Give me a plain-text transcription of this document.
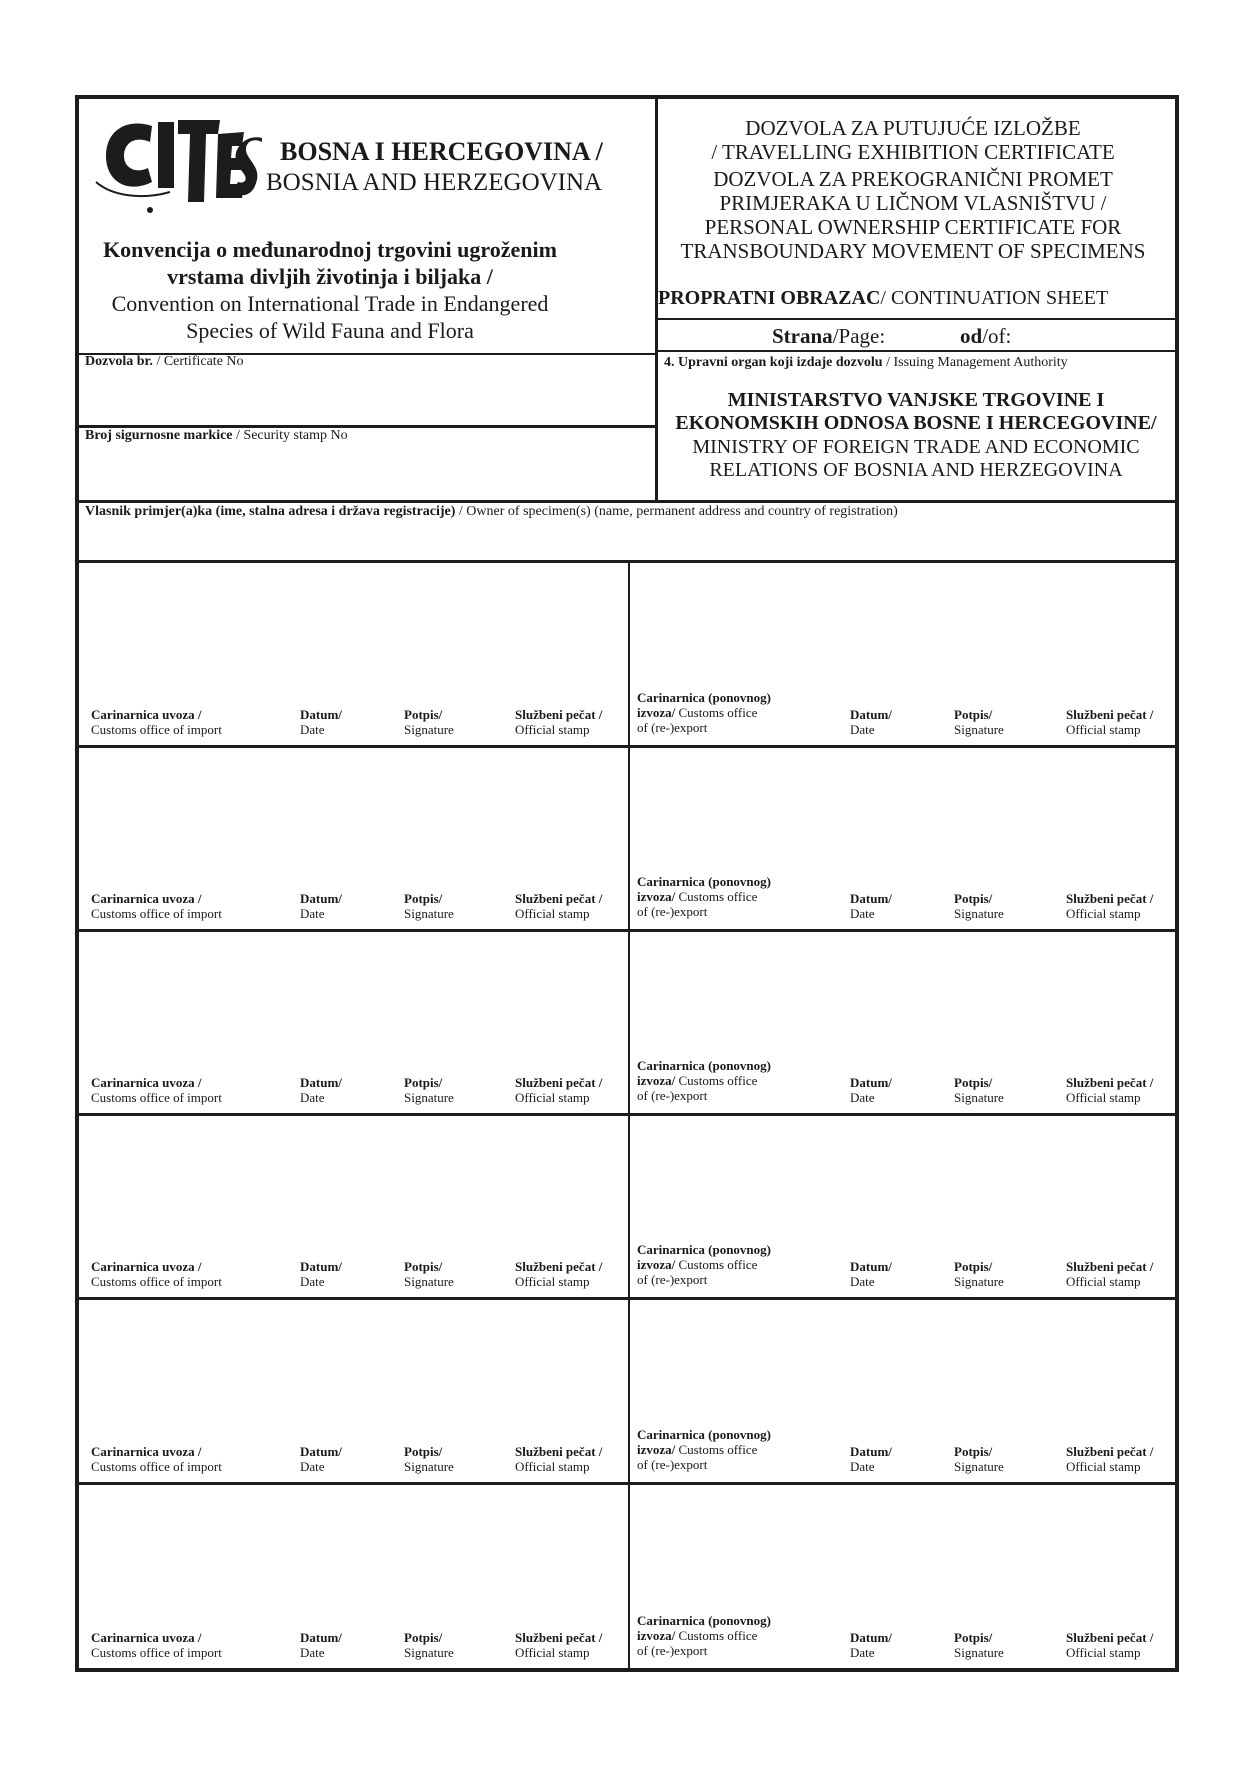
BOSNA I HERCEGOVINA /
BOSNIA AND HERZEGOVINA
Konvencija o međunarodnoj trgovini ugroženim
vrstama divljih životinja i biljaka /
Convention on International Trade in Endangered
Species of Wild Fauna and Flora
DOZVOLA ZA PUTUJUĆE IZLOŽBE
/ TRAVELLING EXHIBITION CERTIFICATE
DOZVOLA ZA PREKOGRANIČNI PROMET
PRIMJERAKA U LIČNOM VLASNIŠTVU /
PERSONAL OWNERSHIP CERTIFICATE FOR
TRANSBOUNDARY MOVEMENT OF SPECIMENS
PROPRATNI OBRAZAC/ CONTINUATION SHEET
Strana/Page:	od/of:
Dozvola br. / Certificate No
Broj sigurnosne markice / Security stamp No
4. Upravni organ koji izdaje dozvolu / Issuing Management Authority
MINISTARSTVO VANJSKE TRGOVINE I
EKONOMSKIH ODNOSA BOSNE I HERCEGOVINE/
MINISTRY OF FOREIGN TRADE AND ECONOMIC
RELATIONS OF BOSNIA AND HERZEGOVINA
Vlasnik primjer(a)ka (ime, stalna adresa i država registracije) / Owner of specimen(s) (name, permanent address and country of registration)
Carinarnica uvoza /
Customs office of import
Datum/
Date
Potpis/
Signature
Službeni pečat /
Official stamp
Carinarnica (ponovnog)
izvoza/ Customs office
of (re-)export
Datum/
Date
Potpis/
Signature
Službeni pečat /
Official stamp
Carinarnica uvoza /
Customs office of import
Datum/
Date
Potpis/
Signature
Službeni pečat /
Official stamp
Carinarnica (ponovnog)
izvoza/ Customs office
of (re-)export
Datum/
Date
Potpis/
Signature
Službeni pečat /
Official stamp
Carinarnica uvoza /
Customs office of import
Datum/
Date
Potpis/
Signature
Službeni pečat /
Official stamp
Carinarnica (ponovnog)
izvoza/ Customs office
of (re-)export
Datum/
Date
Potpis/
Signature
Službeni pečat /
Official stamp
Carinarnica uvoza /
Customs office of import
Datum/
Date
Potpis/
Signature
Službeni pečat /
Official stamp
Carinarnica (ponovnog)
izvoza/ Customs office
of (re-)export
Datum/
Date
Potpis/
Signature
Službeni pečat /
Official stamp
Carinarnica uvoza /
Customs office of import
Datum/
Date
Potpis/
Signature
Službeni pečat /
Official stamp
Carinarnica (ponovnog)
izvoza/ Customs office
of (re-)export
Datum/
Date
Potpis/
Signature
Službeni pečat /
Official stamp
Carinarnica uvoza /
Customs office of import
Datum/
Date
Potpis/
Signature
Službeni pečat /
Official stamp
Carinarnica (ponovnog)
izvoza/ Customs office
of (re-)export
Datum/
Date
Potpis/
Signature
Službeni pečat /
Official stamp
